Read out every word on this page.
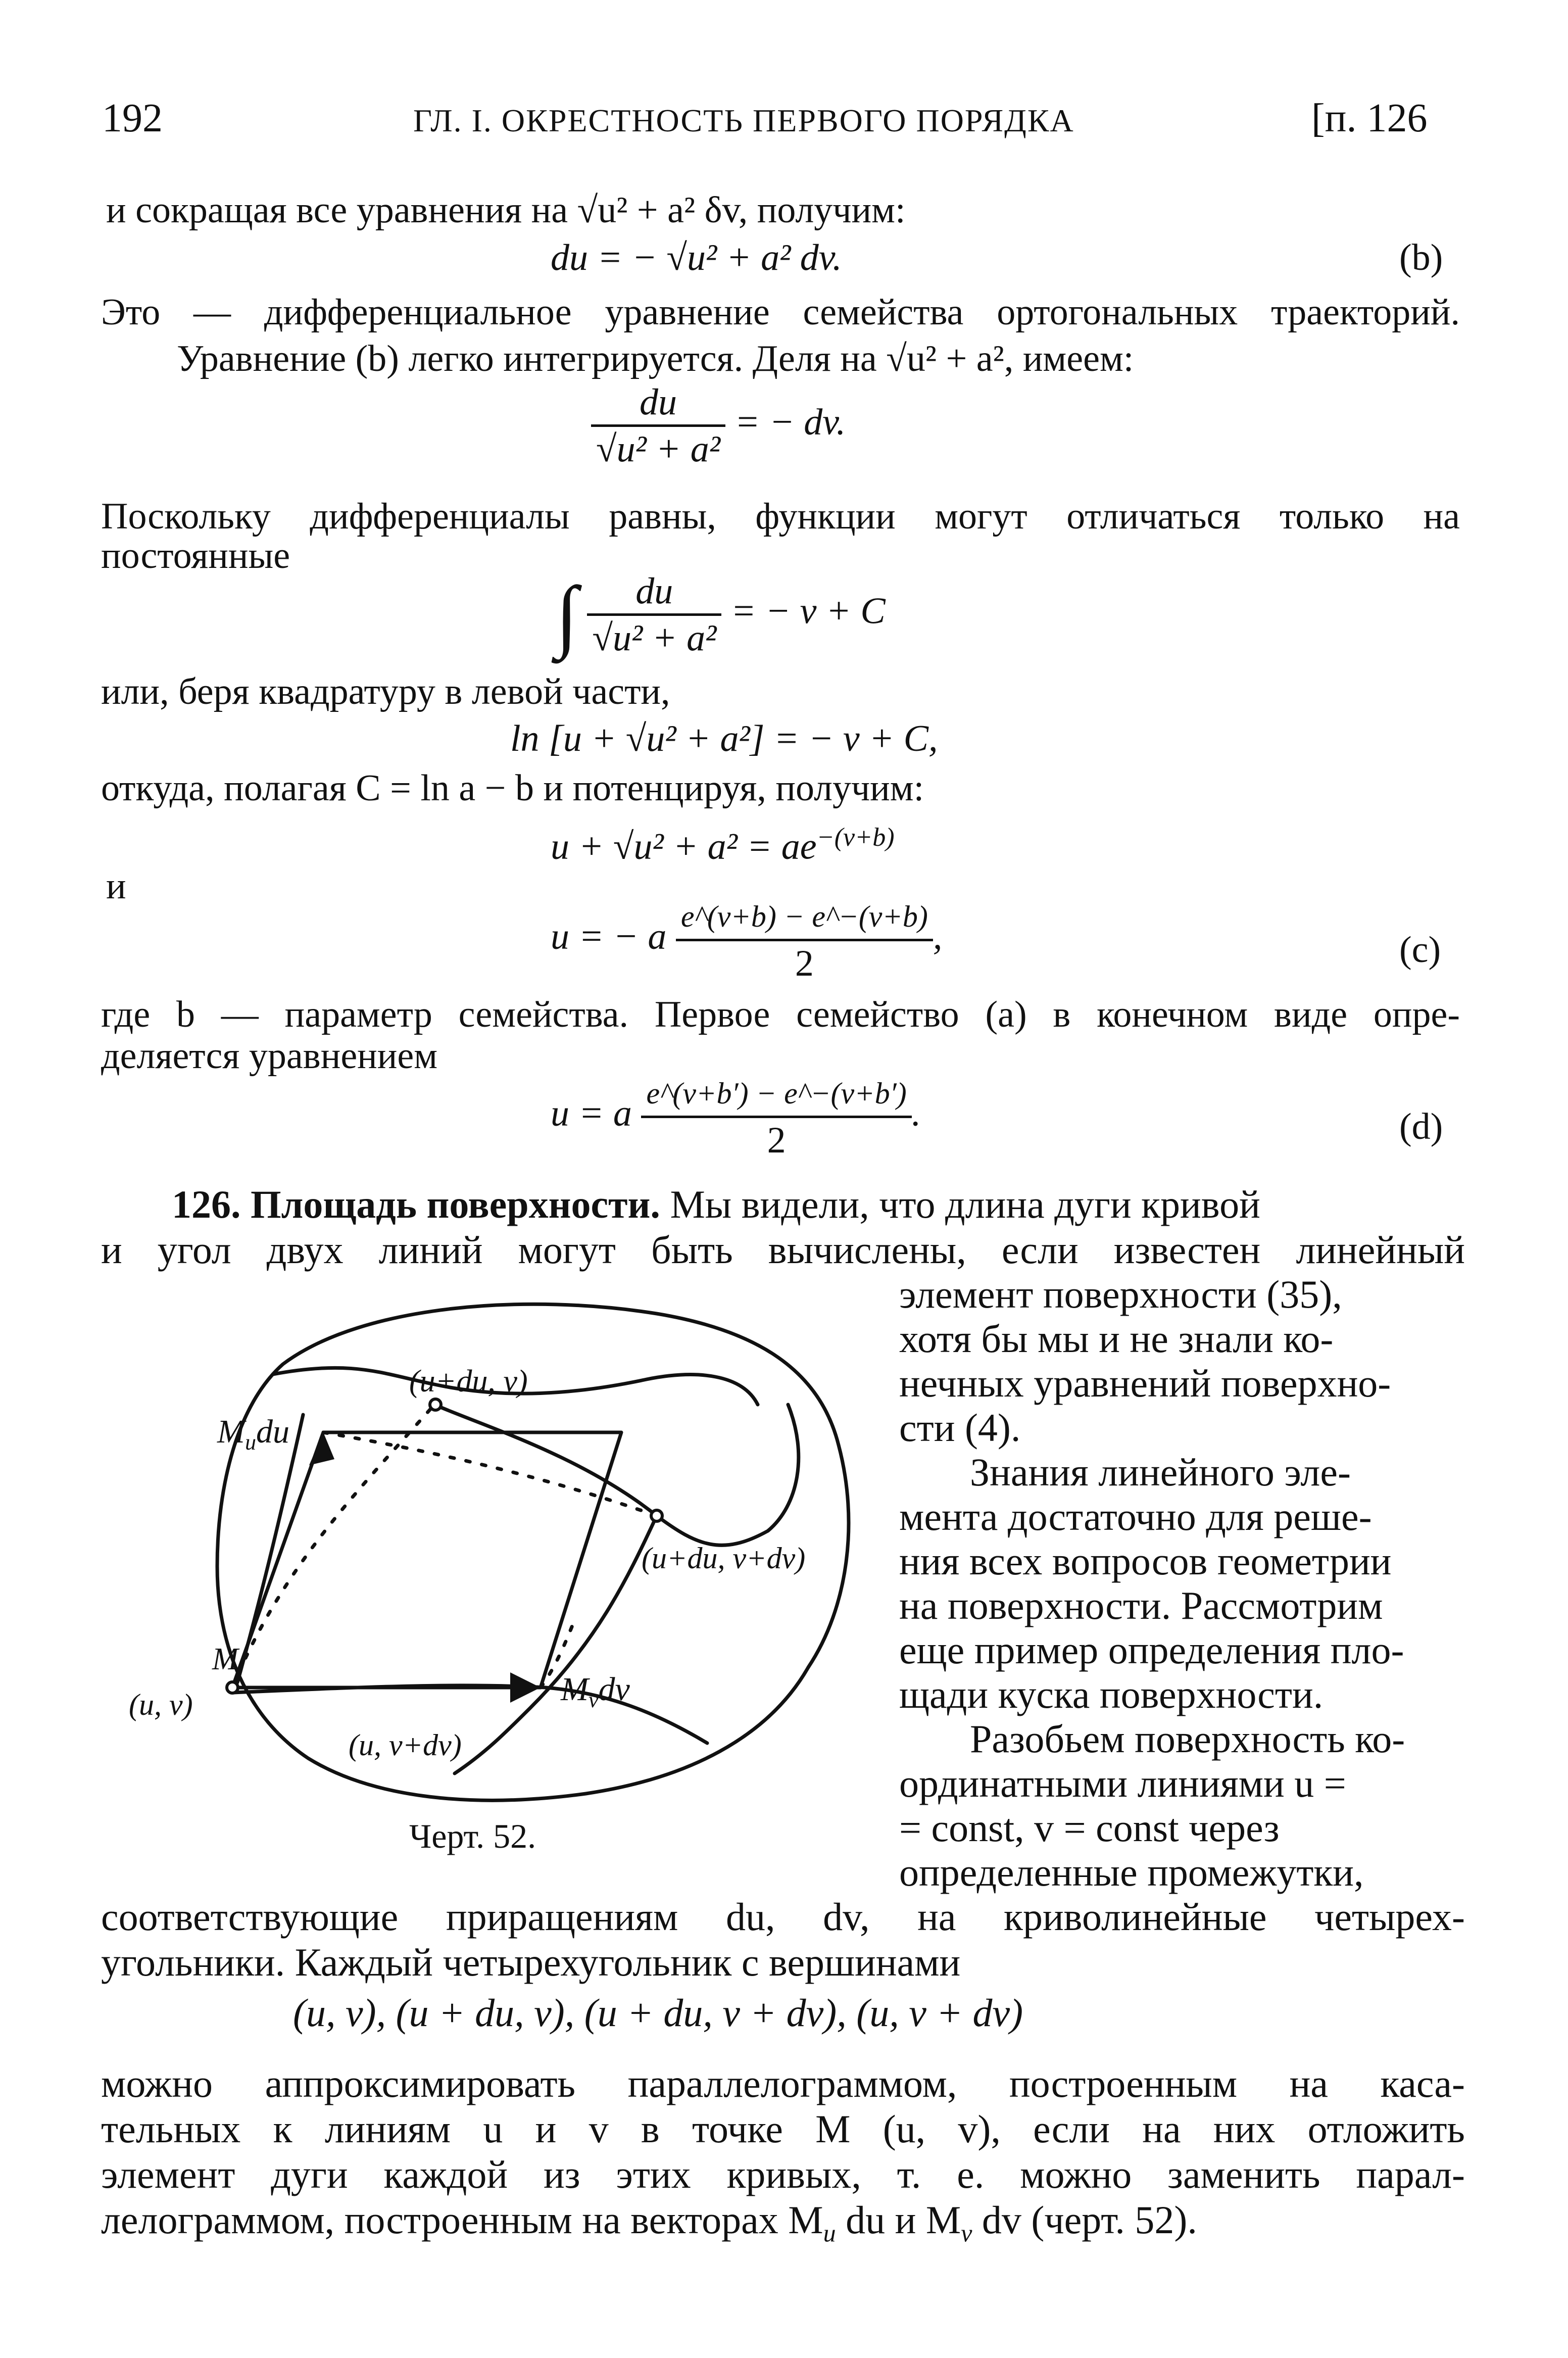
192	ГЛ. I. ОКРЕСТНОСТЬ ПЕРВОГО ПОРЯДКА	[п. 126
и сокращая все уравнения на √u² + a² δv, получим:
du = − √u² + a² dv.	(b)
Это — дифференциальное уравнение семейства ортогональных траекторий.
Уравнение (b) легко интегрируется. Деля на √u² + a², имеем:
$\frac{du}{\text{√u² + a²}}$ = − dv.
Поскольку дифференциалы равны, функции могут отличаться только на
постоянные
∫ $\frac{du}{\text{√u² + a²}}$ = − v + C
или, беря квадратуру в левой части,
ln [u + √u² + a²] = − v + C,
откуда, полагая C = ln a − b и потенцируя, получим:
$u + √u^2 + a^2 = ae^{-(v+b)}$
и
u = − a $\frac{e\^{}(v+b) - e\^{}-(v+b)}{2}$ ,	(c)
где b — параметр семейства. Первое семейство (a) в конечном виде опре-
деляется уравнением
u = a $\frac{e\^{}(v+b') - e\^{}-(v+b')}{2}$ .	(d)
126. Площадь поверхности. Мы видели, что длина дуги кривой
и угол двух линий могут быть вычислены, если известен линейный
элемент поверхности (35),
хотя бы мы и не знали ко-
нечных уравнений поверхно-
сти (4).
Знания линейного эле-
мента достаточно для реше-
ния всех вопросов геометрии
на поверхности. Рассмотрим
еще пример определения пло-
щади куска поверхности.
Разобьем поверхность ко-
ординатными линиями u =
= const, v = const через
определенные промежутки,
(u+du, v)
$M_udu$
(u+du, v+dv)
M
(u, v)	$M_vdv$
(u, v+dv)
Черт. 52.
соответствующие приращениям du, dv, на криволинейные четырех-
угольники. Каждый четырехугольник с вершинами
(u, v), (u + du, v), (u + du, v + dv), (u, v + dv)
можно аппроксимировать параллелограммом, построенным на каса-
тельных к линиям u и v в точке M (u, v), если на них отложить
элемент дуги каждой из этих кривых, т. е. можно заменить парал-
лелограммом, построенным на векторах $M_u$ du и $M_v$ dv (черт. 52).
